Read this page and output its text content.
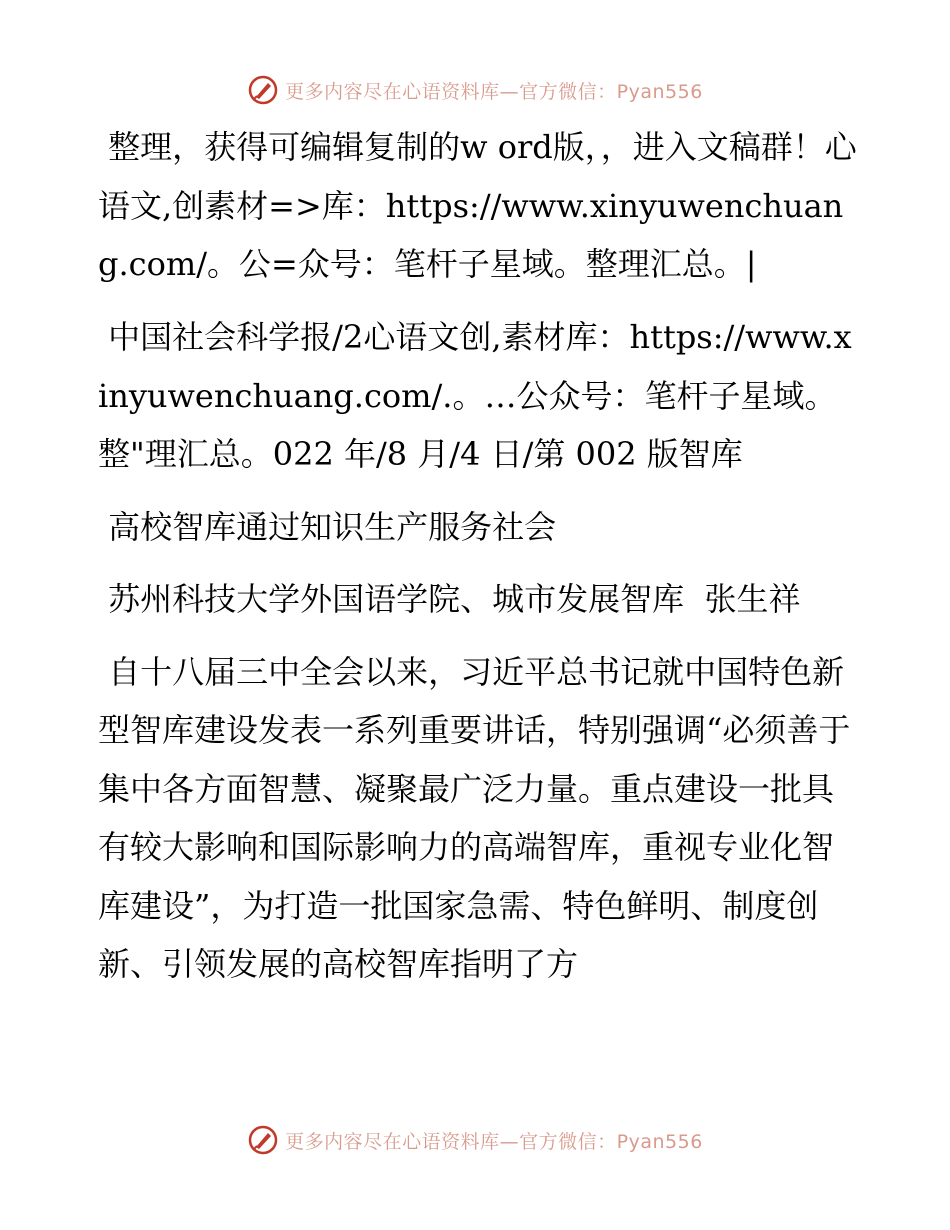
更多内容尽在心语资料库—官方微信：Pyan556

整理，获得可编辑复制的w ord版，，进入文稿群！心语文,创素材=>库：https://www.xinyuwenchuang.com/。公=众号：笔杆子星域。整理汇总。|

中国社会科学报/2心语文创,素材库：https://www.xinyuwenchuang.com/.。…公众号：笔杆子星域。整"理汇总。022 年/8 月/4 日/第 002 版智库

高校智库通过知识生产服务社会

苏州科技大学外国语学院、城市发展智库  张生祥

自十八届三中全会以来，习近平总书记就中国特色新型智库建设发表一系列重要讲话，特别强调“必须善于集中各方面智慧、凝聚最广泛力量。重点建设一批具有较大影响和国际影响力的高端智库，重视专业化智库建设”，为打造一批国家急需、特色鲜明、制度创新、引领发展的高校智库指明了方

更多内容尽在心语资料库—官方微信：Pyan556
